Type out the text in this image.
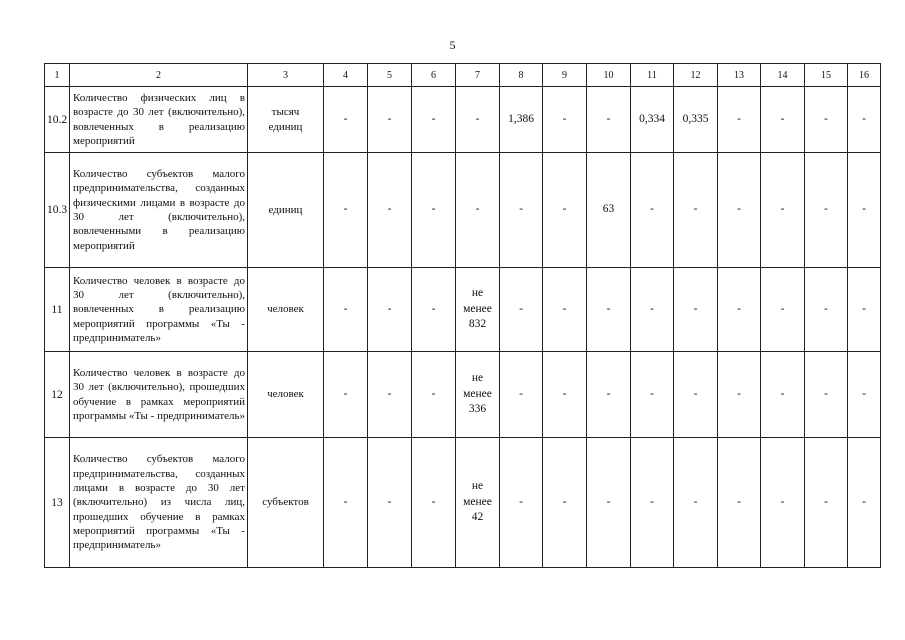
5
1	2	3	4	5	6	7	8	9	10	11	12	13	14	15	16
10.2	Количество физических лиц в возрасте до 30 лет (включительно), вовлеченных в реализацию мероприятий	тысяч
единиц	-	-	-	-	1,386	-	-	0,334	0,335	-	-	-	-

10.3	Количество субъектов малого предпринимательства, созданных физическими лицами в возрасте до 30 лет (включительно), вовлеченными в реализацию мероприятий	единиц	-	-	-	-	-	-	63	-	-	-	-	-	-

11	Количество человек в возрасте до 30 лет (включительно), вовлеченных в реализацию мероприятий программы «Ты - предприниматель»	человек	-	-	-	не
менее
832	-	-	-	-	-	-	-	-	-

12	Количество человек в возрасте до 30 лет (включительно), прошедших обучение в рамках мероприятий программы «Ты - предприниматель»	человек	-	-	-	не
менее
336	-	-	-	-	-	-	-	-	-

13	Количество субъектов малого предпринимательства, созданных лицами в возрасте до 30 лет (включительно) из числа лиц, прошедших обучение в рамках мероприятий программы «Ты - предприниматель»	субъектов	-	-	-	не
менее
42	-	-	-	-	-	-	-	-	-
